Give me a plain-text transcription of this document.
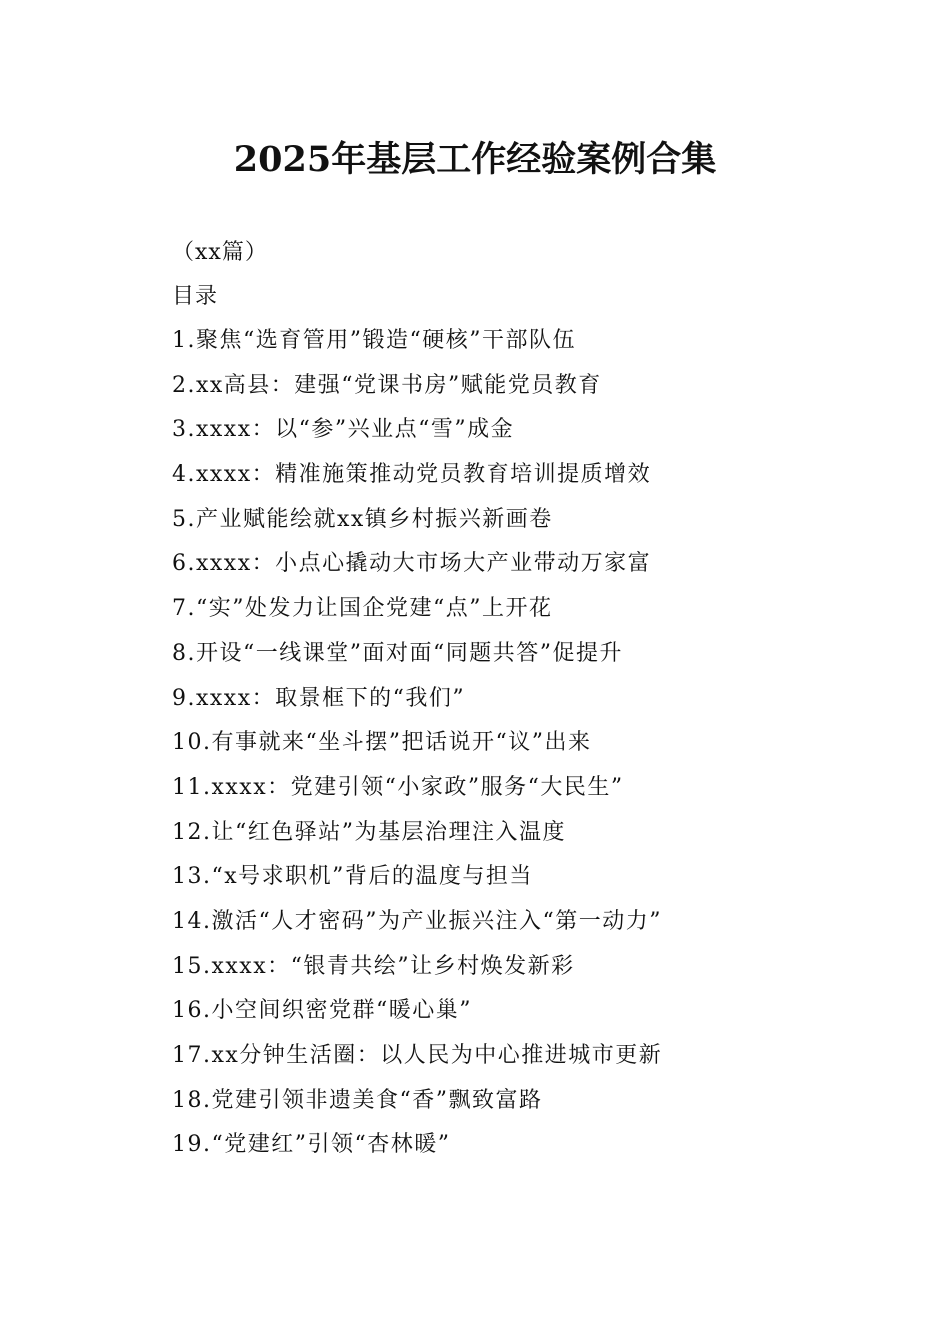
2025年基层工作经验案例合集
（xx篇）
目录
1.聚焦“选育管用”锻造“硬核”干部队伍
2.xx高县：建强“党课书房”赋能党员教育
3.xxxx：以“参”兴业点“雪”成金
4.xxxx：精准施策推动党员教育培训提质增效
5.产业赋能绘就xx镇乡村振兴新画卷
6.xxxx：小点心撬动大市场大产业带动万家富
7.“实”处发力让国企党建“点”上开花
8.开设“一线课堂”面对面“同题共答”促提升
9.xxxx：取景框下的“我们”
10.有事就来“坐斗摆”把话说开“议”出来
11.xxxx：党建引领“小家政”服务“大民生”
12.让“红色驿站”为基层治理注入温度
13.“x号求职机”背后的温度与担当
14.激活“人才密码”为产业振兴注入“第一动力”
15.xxxx：“银青共绘”让乡村焕发新彩
16.小空间织密党群“暖心巢”
17.xx分钟生活圈：以人民为中心推进城市更新
18.党建引领非遗美食“香”飘致富路
19.“党建红”引领“杏林暖”
